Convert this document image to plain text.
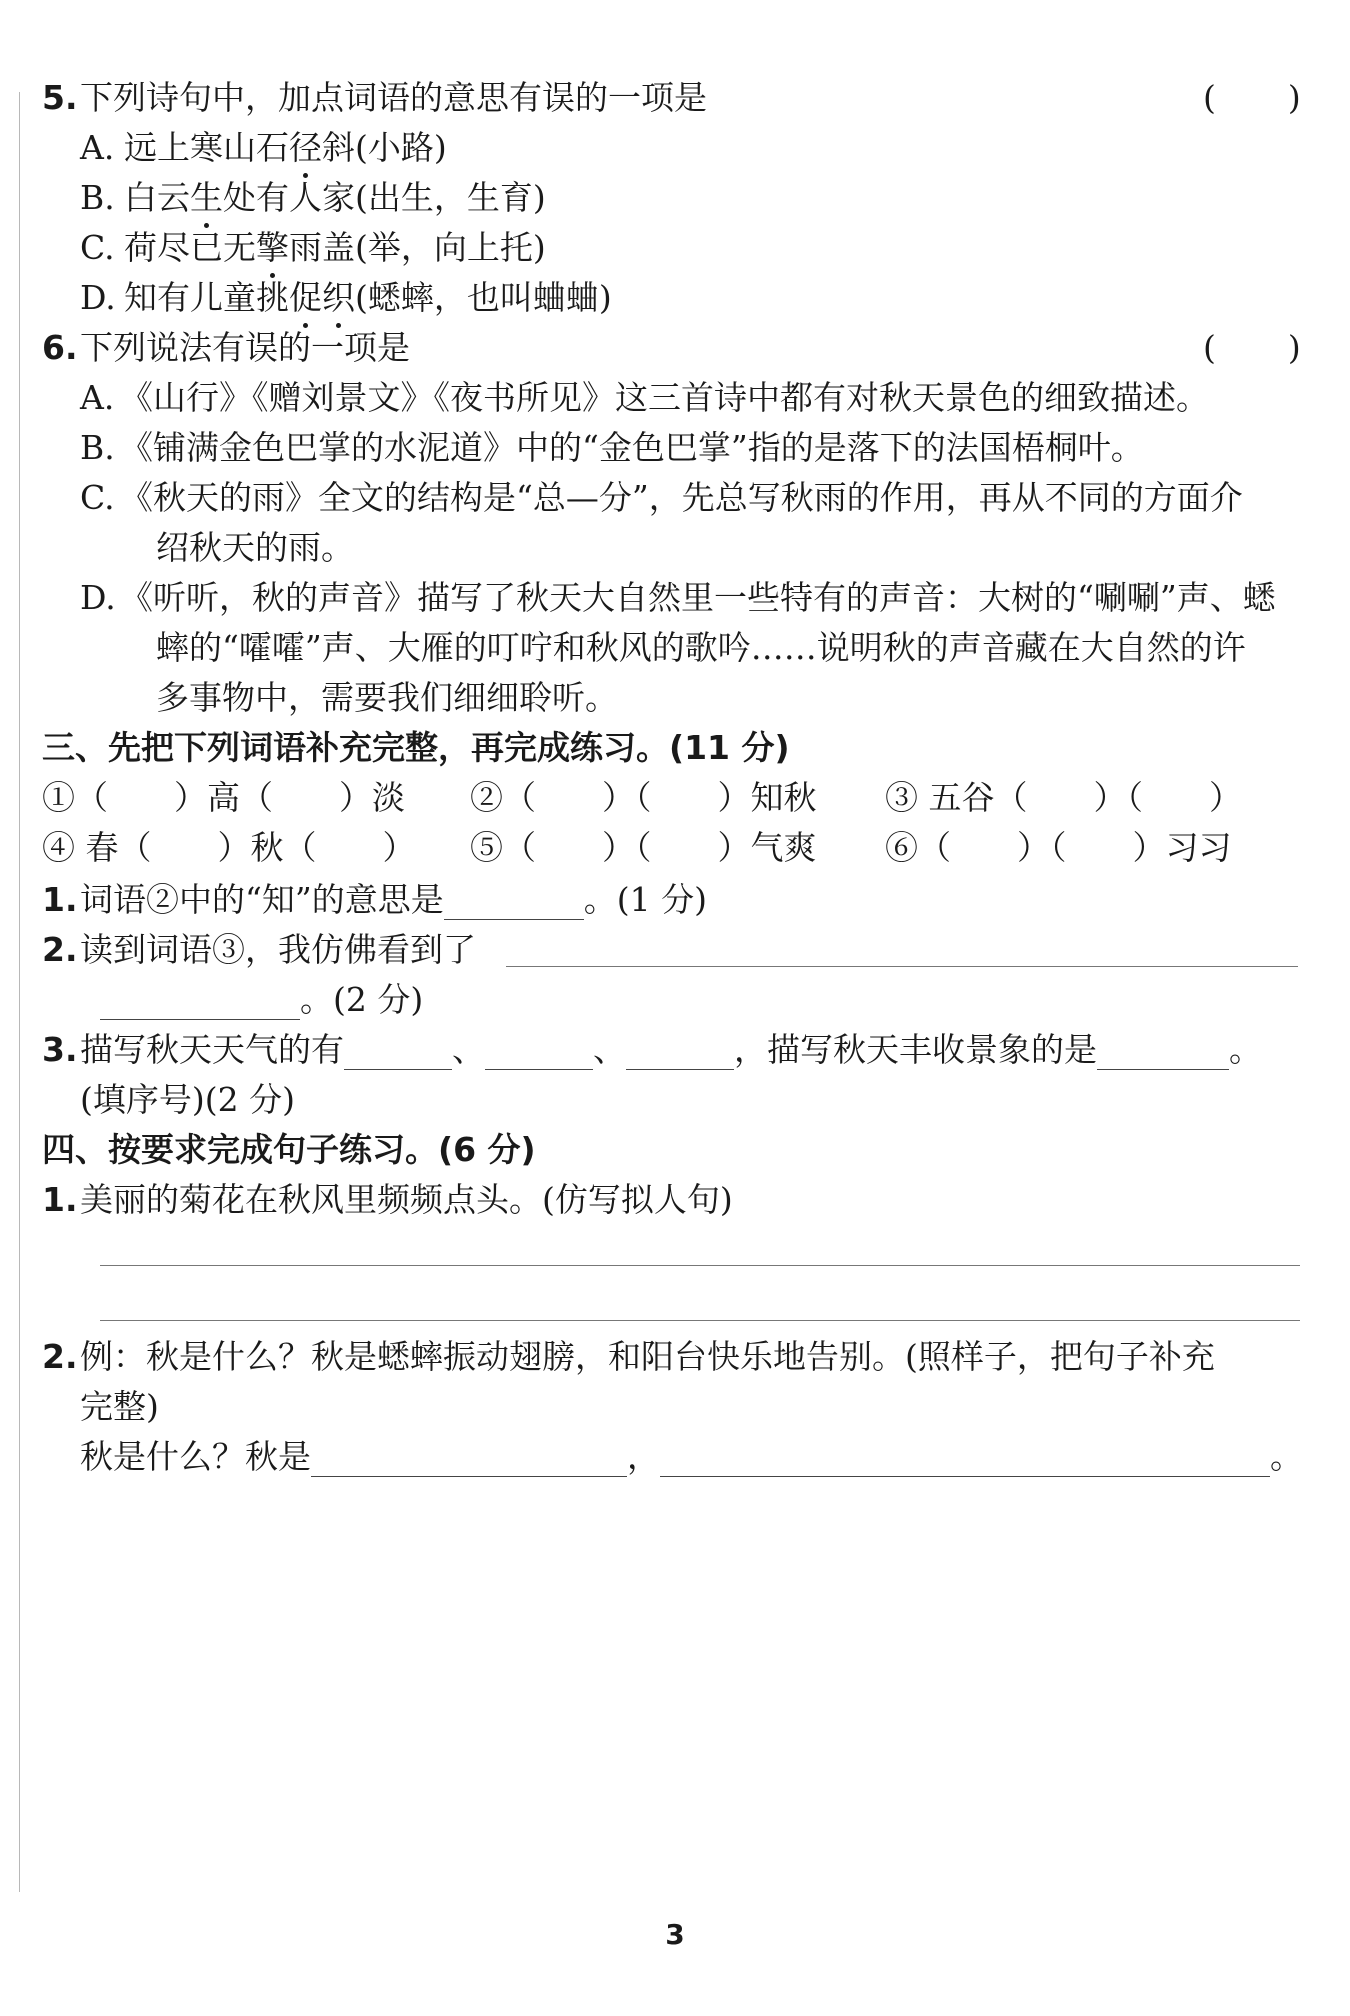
5. 下列诗句中，加点词语的意思有误的一项是	(　　)
A. 远上寒山石径斜(小路)
B. 白云生处有人家(出生，生育)
C. 荷尽已无擎雨盖(举，向上托)
D. 知有儿童挑促织(蟋蟀，也叫蛐蛐)
6. 下列说法有误的一项是	(　　)
A. 《山行》《赠刘景文》《夜书所见》这三首诗中都有对秋天景色的细致描述。
B. 《铺满金色巴掌的水泥道》中的“金色巴掌”指的是落下的法国梧桐叶。
C. 《秋天的雨》全文的结构是“总—分”，先总写秋雨的作用，再从不同的方面介
绍秋天的雨。
D. 《听听，秋的声音》描写了秋天大自然里一些特有的声音：大树的“唰唰”声、蟋
蟀的“嚯嚯”声、大雁的叮咛和秋风的歌吟……说明秋的声音藏在大自然的许
多事物中，需要我们细细聆听。
三、先把下列词语补充完整，再完成练习。(11 分)
①（　　）高（　　）淡 ②（　　）（　　）知秋 ③ 五谷（　　）（　　）
④ 春（　　）秋（　　） ⑤（　　）（　　）气爽 ⑥（　　）（　　）习习
1. 词语②中的“知”的意思是	。(1 分)
2. 读到词语③，我仿佛看到了
。(2 分)
3. 描写秋天天气的有	、	、	，描写秋天丰收景象的是	。
(填序号)(2 分)
四、按要求完成句子练习。(6 分)
1. 美丽的菊花在秋风里频频点头。(仿写拟人句)
2. 例：秋是什么？秋是蟋蟀振动翅膀，和阳台快乐地告别。(照样子，把句子补充
完整)
秋是什么？秋是	，	。
3
